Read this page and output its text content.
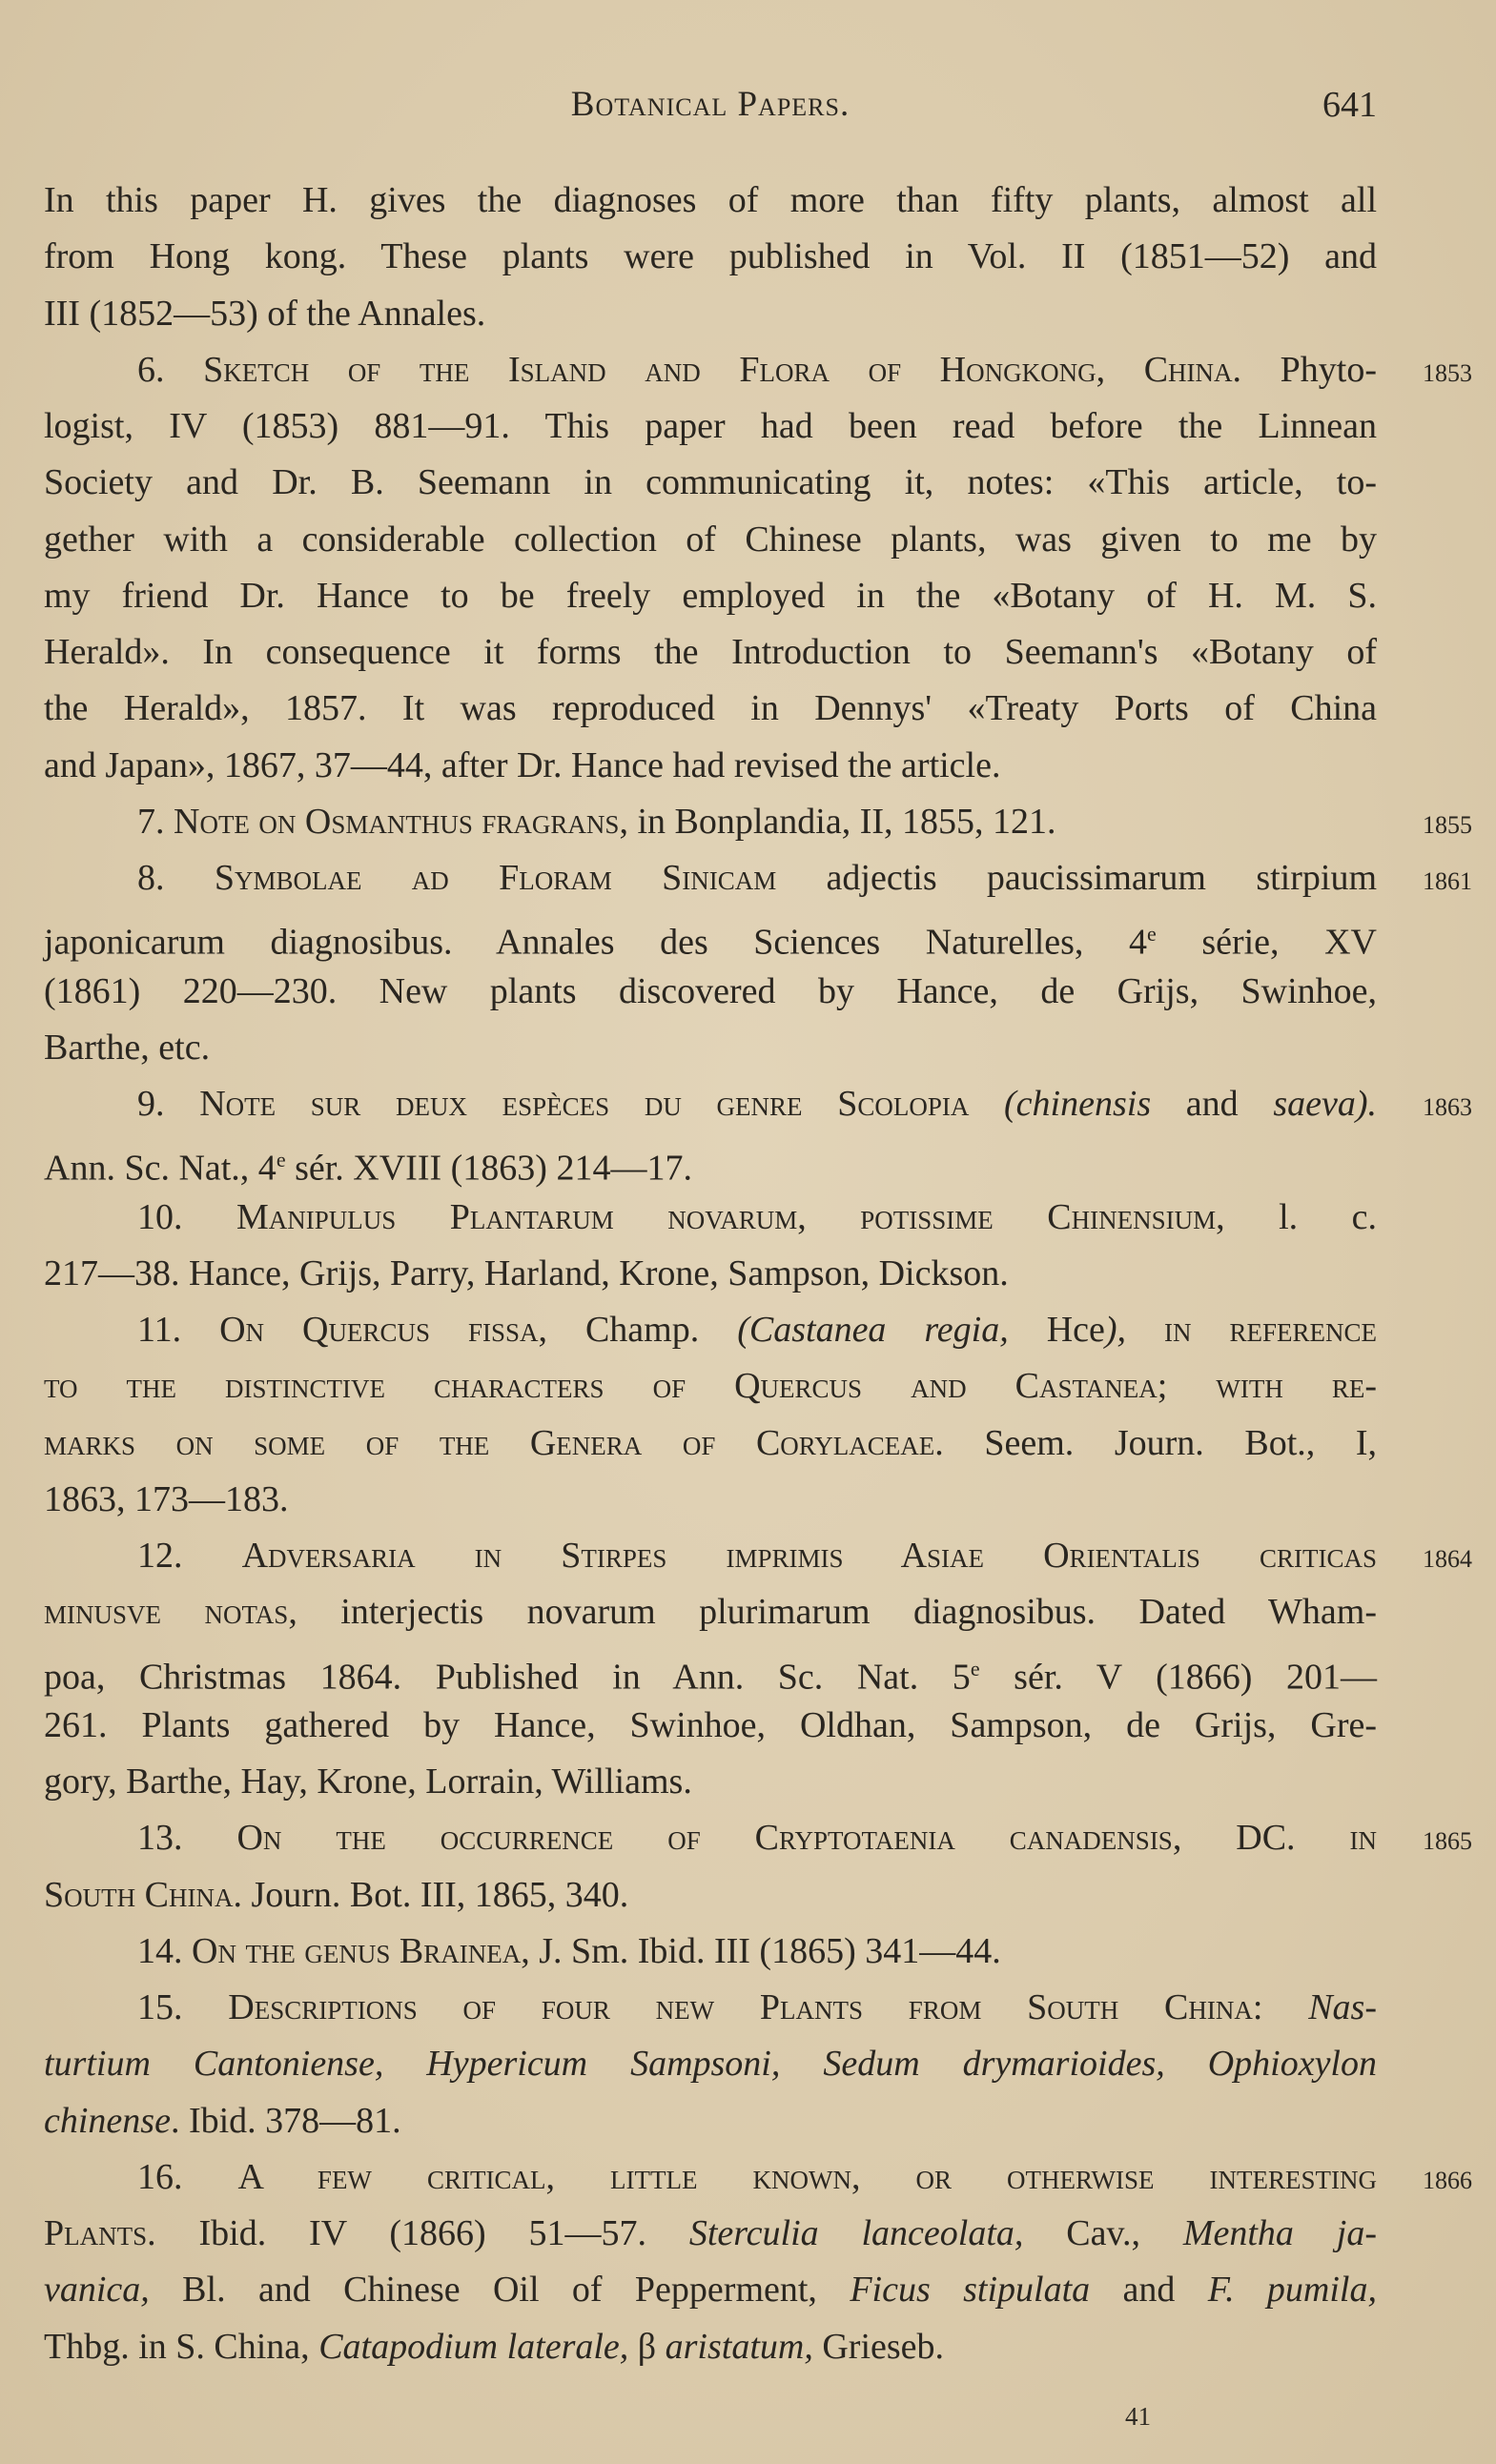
Botanical Papers.	641
In this paper H. gives the diagnoses of more than fifty plants, almost all
from Hong kong. These plants were published in Vol. II (1851—52) and
III (1852—53) of the Annales.
6. Sketch of the Island and Flora of Hongkong, China. Phyto-	1853
logist, IV (1853) 881—91. This paper had been read before the Linnean
Society and Dr. B. Seemann in communicating it, notes: «This article, to-
gether with a considerable collection of Chinese plants, was given to me by
my friend Dr. Hance to be freely employed in the «Botany of H. M. S.
Herald». In consequence it forms the Introduction to Seemann's «Botany of
the Herald», 1857. It was reproduced in Dennys' «Treaty Ports of China
and Japan», 1867, 37—44, after Dr. Hance had revised the article.
7. Note on Osmanthus fragrans, in Bonplandia, II, 1855, 121.	1855
8. Symbolae ad Floram Sinicam adjectis paucissimarum stirpium	1861
japonicarum diagnosibus. Annales des Sciences Naturelles, 4e série, XV
(1861) 220—230. New plants discovered by Hance, de Grijs, Swinhoe,
Barthe, etc.
9. Note sur deux espèces du genre Scolopia (chinensis and saeva).	1863
Ann. Sc. Nat., 4e sér. XVIII (1863) 214—17.
10. Manipulus Plantarum novarum, potissime Chinensium, l. c.
217—38. Hance, Grijs, Parry, Harland, Krone, Sampson, Dickson.
11. On Quercus fissa, Champ. (Castanea regia, Hce), in reference
to the distinctive characters of Quercus and Castanea; with re-
marks on some of the Genera of Corylaceae. Seem. Journ. Bot., I,
1863, 173—183.
12. Adversaria in Stirpes imprimis Asiae Orientalis criticas	1864
minusve notas, interjectis novarum plurimarum diagnosibus. Dated Wham-
poa, Christmas 1864. Published in Ann. Sc. Nat. 5e sér. V (1866) 201—
261. Plants gathered by Hance, Swinhoe, Oldhan, Sampson, de Grijs, Gre-
gory, Barthe, Hay, Krone, Lorrain, Williams.
13. On the occurrence of Cryptotaenia canadensis, DC. in	1865
South China. Journ. Bot. III, 1865, 340.
14. On the genus Brainea, J. Sm. Ibid. III (1865) 341—44.
15. Descriptions of four new Plants from South China: Nas-
turtium Cantoniense, Hypericum Sampsoni, Sedum drymarioides, Ophioxylon
chinense. Ibid. 378—81.
16. A few critical, little known, or otherwise interesting	1866
Plants. Ibid. IV (1866) 51—57. Sterculia lanceolata, Cav., Mentha ja-
vanica, Bl. and Chinese Oil of Pepperment, Ficus stipulata and F. pumila,
Thbg. in S. China, Catapodium laterale, β aristatum, Grieseb.
41
